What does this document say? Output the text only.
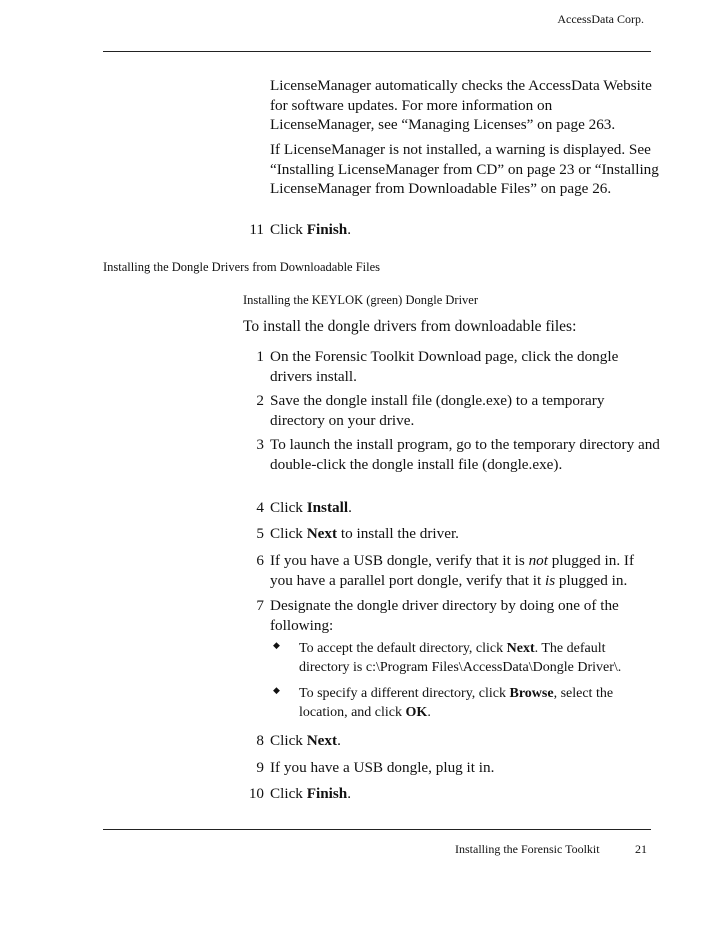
AccessData Corp.
LicenseManager automatically checks the AccessData Website for software updates. For more information on LicenseManager, see “Managing Licenses” on page 263.
If LicenseManager is not installed, a warning is displayed. See “Installing LicenseManager from CD” on page 23 or “Installing LicenseManager from Downloadable Files” on page 26.
11 Click Finish.
Installing the Dongle Drivers from Downloadable Files
Installing the KEYLOK (green) Dongle Driver
To install the dongle drivers from downloadable files:
1 On the Forensic Toolkit Download page, click the dongle drivers install.
2 Save the dongle install file (dongle.exe) to a temporary directory on your drive.
3 To launch the install program, go to the temporary directory and double-click the dongle install file (dongle.exe).
4 Click Install.
5 Click Next to install the driver.
6 If you have a USB dongle, verify that it is not plugged in. If you have a parallel port dongle, verify that it is plugged in.
7 Designate the dongle driver directory by doing one of the following:
◆ To accept the default directory, click Next. The default directory is c:\Program Files\AccessData\Dongle Driver\.
◆ To specify a different directory, click Browse, select the location, and click OK.
8 Click Next.
9 If you have a USB dongle, plug it in.
10 Click Finish.
Installing the Forensic Toolkit	21
